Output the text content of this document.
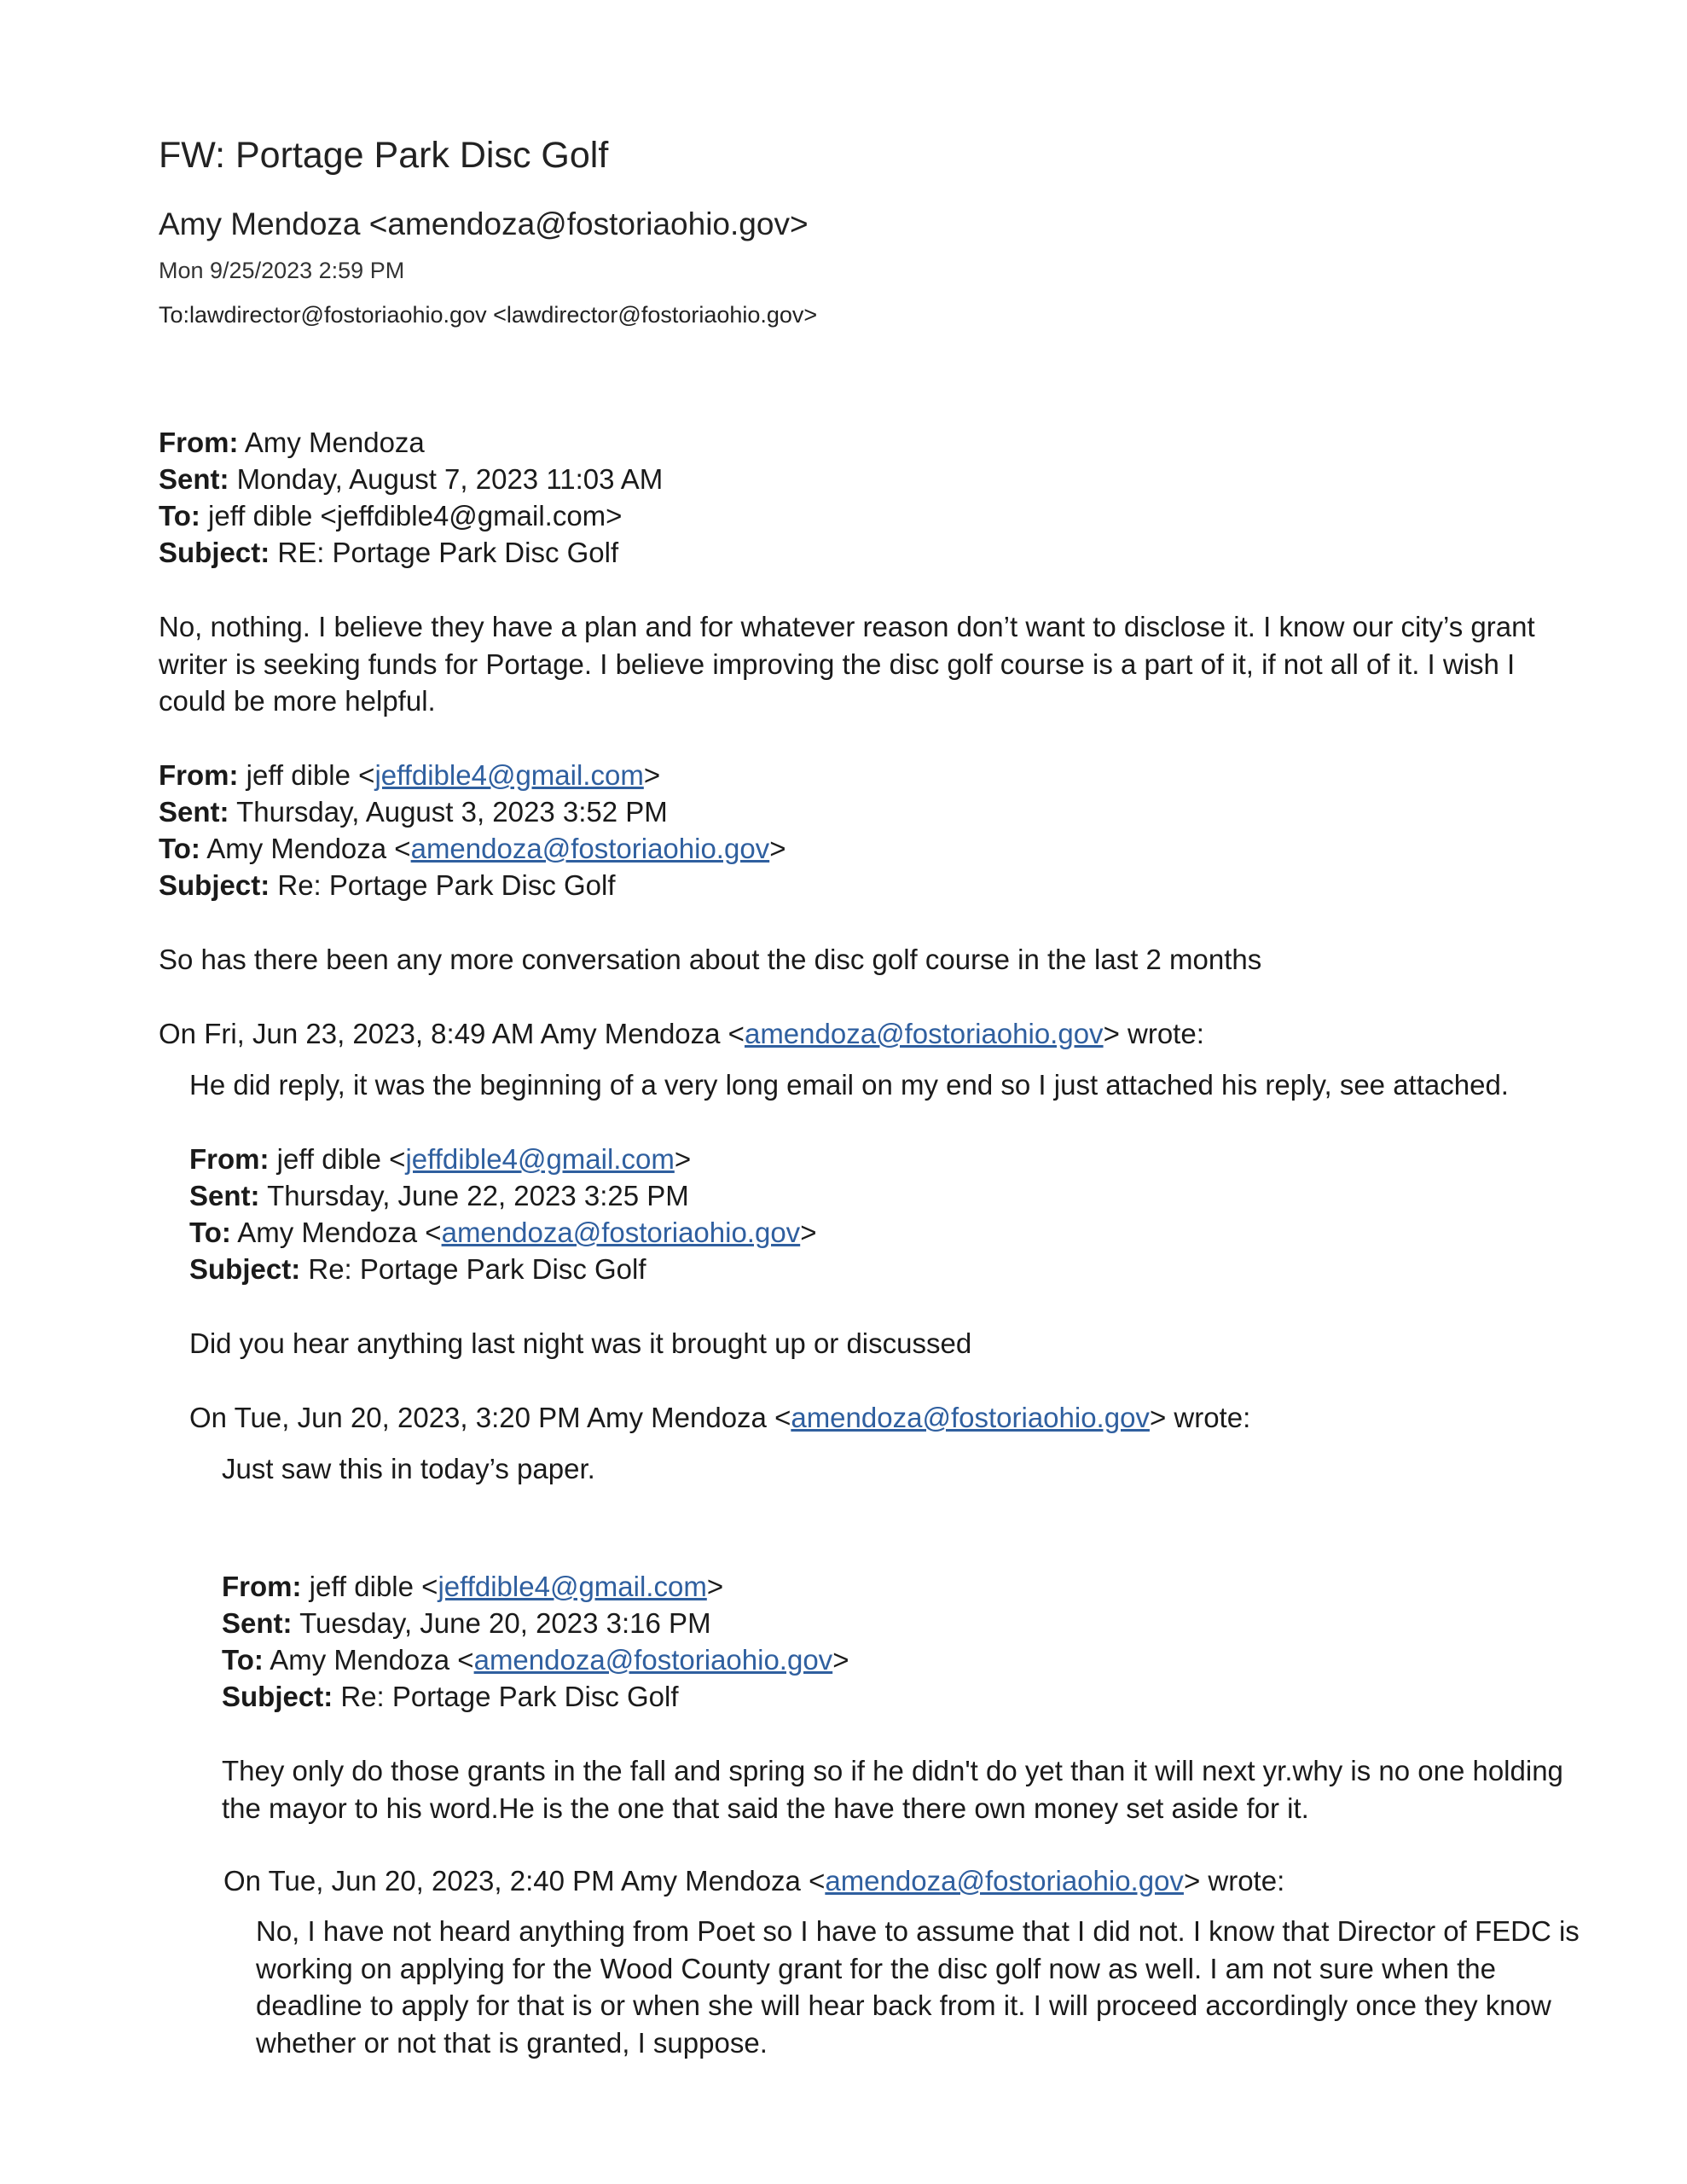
FW: Portage Park Disc Golf
Amy Mendoza <amendoza@fostoriaohio.gov>
Mon 9/25/2023 2:59 PM
To:lawdirector@fostoriaohio.gov <lawdirector@fostoriaohio.gov>

From: Amy Mendoza

Sent: Monday, August 7, 2023 11:03 AM

To: jeff dible <jeffdible4@gmail.com>

Subject: RE: Portage Park Disc Golf

No, nothing. I believe they have a plan and for whatever reason don’t want to disclose it. I know our city’s grant

writer is seeking funds for Portage. I believe improving the disc golf course is a part of it, if not all of it. I wish I

could be more helpful.

From: jeff dible <jeffdible4@gmail.com>

Sent: Thursday, August 3, 2023 3:52 PM

To: Amy Mendoza <amendoza@fostoriaohio.gov>

Subject: Re: Portage Park Disc Golf

So has there been any more conversation about the disc golf course in the last 2 months

On Fri, Jun 23, 2023, 8:49 AM Amy Mendoza <amendoza@fostoriaohio.gov> wrote:

He did reply, it was the beginning of a very long email on my end so I just attached his reply, see attached.

From: jeff dible <jeffdible4@gmail.com>

Sent: Thursday, June 22, 2023 3:25 PM

To: Amy Mendoza <amendoza@fostoriaohio.gov>

Subject: Re: Portage Park Disc Golf

Did you hear anything last night was it brought up or discussed

On Tue, Jun 20, 2023, 3:20 PM Amy Mendoza <amendoza@fostoriaohio.gov> wrote:

Just saw this in today’s paper.

From: jeff dible <jeffdible4@gmail.com>

Sent: Tuesday, June 20, 2023 3:16 PM

To: Amy Mendoza <amendoza@fostoriaohio.gov>

Subject: Re: Portage Park Disc Golf

They only do those grants in the fall and spring so if he didn't do yet than it will next yr.why is no one holding

the mayor to his word.He is the one that said the have there own money set aside for it.

On Tue, Jun 20, 2023, 2:40 PM Amy Mendoza <amendoza@fostoriaohio.gov> wrote:

No, I have not heard anything from Poet so I have to assume that I did not. I know that Director of FEDC is

working on applying for the Wood County grant for the disc golf now as well. I am not sure when the

deadline to apply for that is or when she will hear back from it. I will proceed accordingly once they know

whether or not that is granted, I suppose.
